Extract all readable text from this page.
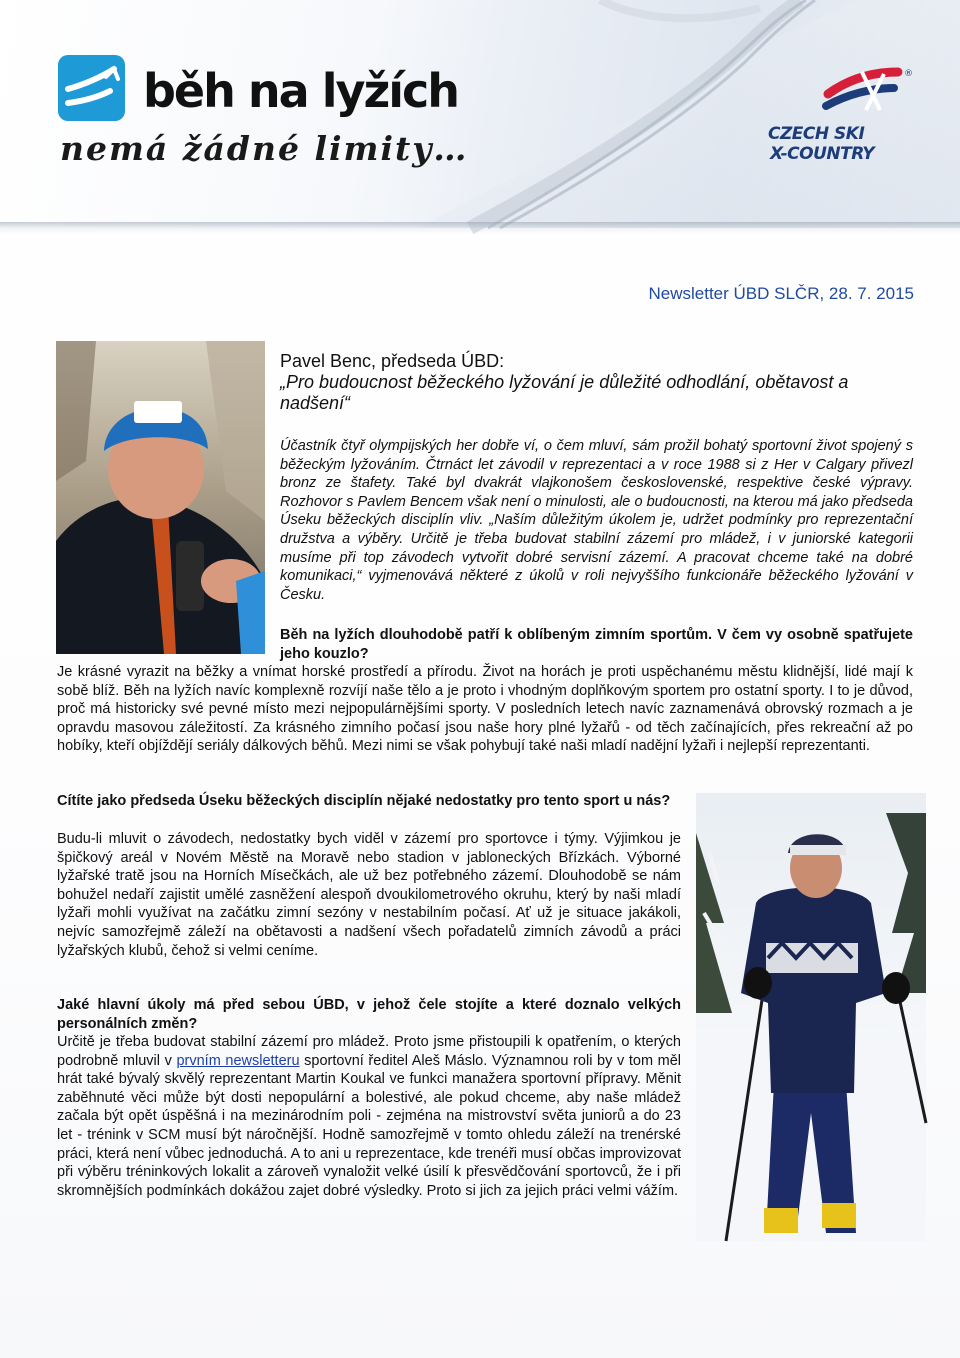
běh na lyžích
nemá žádné limity…
®
CZECH SKI
X-COUNTRY
Newsletter ÚBD SLČR, 28. 7. 2015
Pavel Benc, předseda ÚBD:
„Pro budoucnost běžeckého lyžování je důležité odhodlání, obětavost a nadšení“
Účastník čtyř olympijských her dobře ví, o čem mluví, sám prožil bohatý sportovní život spojený s běžeckým lyžováním. Čtrnáct let závodil v reprezentaci a v roce 1988 si z Her v Calgary přivezl bronz ze štafety. Také byl dvakrát vlajkonošem československé, respektive české výpravy. Rozhovor s Pavlem Bencem však není o minulosti, ale o budoucnosti, na kterou má jako předseda Úseku běžeckých disciplín vliv. „Naším důležitým úkolem je, udržet podmínky pro reprezentační družstva a výběry. Určitě je třeba budovat stabilní zázemí pro mládež, i v juniorské kategorii musíme při top závodech vytvořit dobré servisní zázemí. A pracovat chceme také na dobré komunikaci,“ vyjmenovává některé z úkolů v roli nejvyššího funkcionáře běžeckého lyžování v Česku.
Běh na lyžích dlouhodobě patří k oblíbeným zimním sportům. V čem vy osobně spatřujete jeho kouzlo?
Je krásné vyrazit na běžky a vnímat horské prostředí a přírodu. Život na horách je proti uspěchanému městu klidnější, lidé mají k sobě blíž. Běh na lyžích navíc komplexně rozvíjí naše tělo a je proto i vhodným doplňkovým sportem pro ostatní sporty. I to je důvod, proč má historicky své pevné místo mezi nejpopulárnějšími sporty. V posledních letech navíc zaznamenává obrovský rozmach a je opravdu masovou záležitostí. Za krásného zimního počasí jsou naše hory plné lyžařů - od těch začínajících, přes rekreační až po hobíky, kteří objíždějí seriály dálkových běhů. Mezi nimi se však pohybují také naši mladí nadějní lyžaři i nejlepší reprezentanti.
Cítíte jako předseda Úseku běžeckých disciplín nějaké nedostatky pro tento sport u nás?
Budu-li mluvit o závodech, nedostatky bych viděl v zázemí pro sportovce i týmy. Výjimkou je špičkový areál v Novém Městě na Moravě nebo stadion v jabloneckých Břízkách. Výborné lyžařské tratě jsou na Horních Mísečkách, ale už bez potřebného zázemí. Dlouhodobě se nám bohužel nedaří zajistit umělé zasněžení alespoň dvoukilometrového okruhu, který by naši mladí lyžaři mohli využívat na začátku zimní sezóny v nestabilním počasí. Ať už je situace jakákoli, nejvíc samozřejmě záleží na obětavosti a nadšení všech pořadatelů zimních závodů a práci lyžařských klubů, čehož si velmi ceníme.
Jaké hlavní úkoly má před sebou ÚBD, v jehož čele stojíte a které doznalo velkých personálních změn?
Určitě je třeba budovat stabilní zázemí pro mládež. Proto jsme přistoupili k opatřením, o kterých podrobně mluvil v prvním newsletteru sportovní ředitel Aleš Máslo. Významnou roli by v tom měl hrát také bývalý skvělý reprezentant Martin Koukal ve funkci manažera sportovní přípravy. Měnit zaběhnuté věci může být dosti nepopulární a bolestivé, ale pokud chceme, aby naše mládež začala být opět úspěšná i na mezinárodním poli - zejména na mistrovství světa juniorů a do 23 let - trénink v SCM musí být náročnější. Hodně samozřejmě v tomto ohledu záleží na trenérské práci, která není vůbec jednoduchá. A to ani u reprezentace, kde trenéři musí občas improvizovat při výběru tréninkových lokalit a zároveň vynaložit velké úsilí k přesvědčování sportovců, že i při skromnějších podmínkách dokážou zajet dobré výsledky. Proto si jich za jejich práci velmi vážím.
